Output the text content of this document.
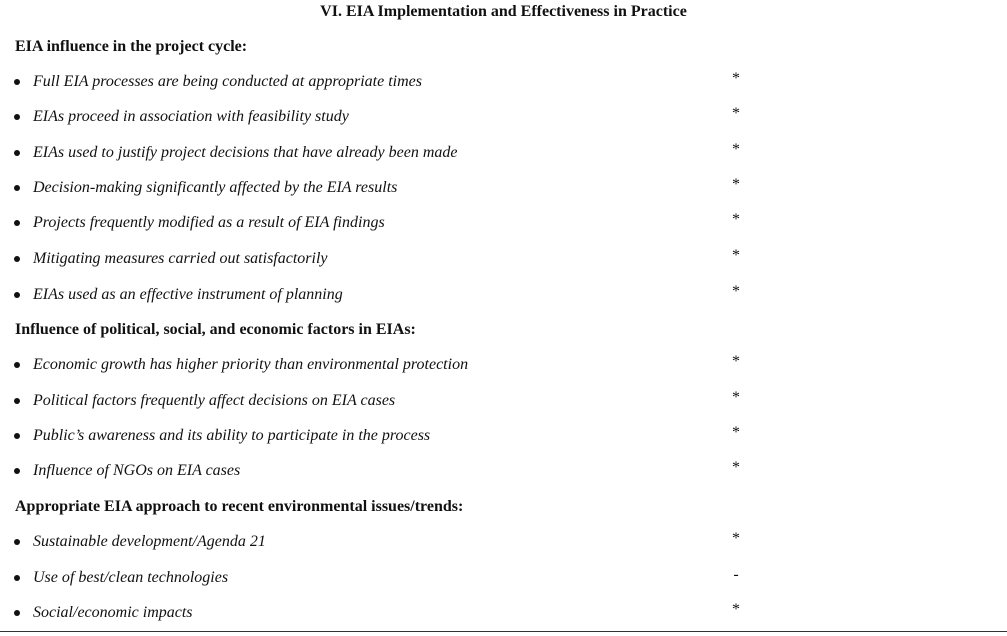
VI. EIA Implementation and Effectiveness in Practice
EIA influence in the project cycle:
Full EIA processes are being conducted at appropriate times	*
EIAs proceed in association with feasibility study	*
EIAs used to justify project decisions that have already been made	*
Decision-making significantly affected by the EIA results	*
Projects frequently modified as a result of EIA findings	*
Mitigating measures carried out satisfactorily	*
EIAs used as an effective instrument of planning	*
Influence of political, social, and economic factors in EIAs:
Economic growth has higher priority than environmental protection	*
Political factors frequently affect decisions on EIA cases	*
Public’s awareness and its ability to participate in the process	*
Influence of NGOs on EIA cases	*
Appropriate EIA approach to recent environmental issues/trends:
Sustainable development/Agenda 21	*
Use of best/clean technologies	-
Social/economic impacts	*
